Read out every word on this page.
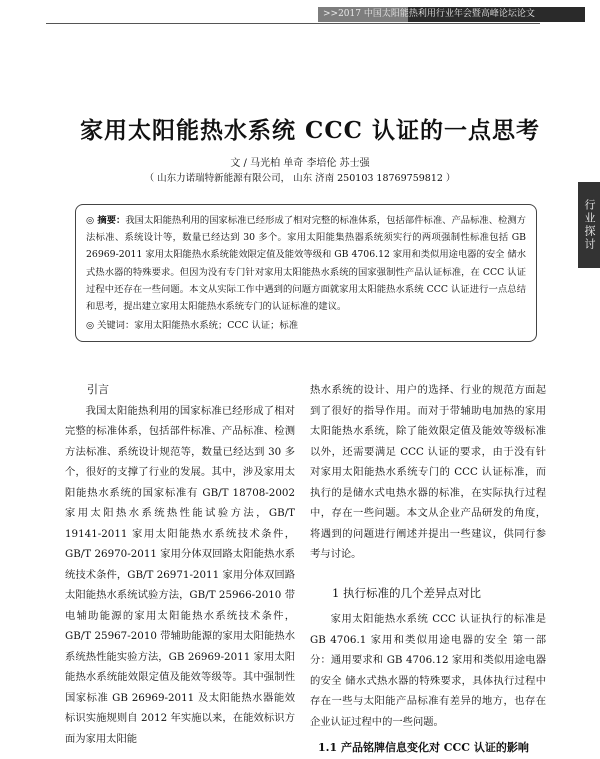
>>2017 中国太阳能热利用行业年会暨高峰论坛论文
行业探讨
家用太阳能热水系统 CCC 认证的一点思考
文 / 马光柏 单奇 李培伦 苏士强
（ 山东力诺瑞特新能源有限公司， 山东 济南 250103 18769759812 ）
◎ 摘要：我国太阳能热利用的国家标准已经形成了相对完整的标准体系，包括部件标准、产品标准、检测方法标准、系统设计等，数量已经达到 30 多个。家用太阳能集热器系统须实行的两项强制性标准包括 GB 26969-2011 家用太阳能热水系统能效限定值及能效等级和 GB 4706.12 家用和类似用途电器的安全 储水式热水器的特殊要求。但因为没有专门针对家用太阳能热水系统的国家强制性产品认证标准，在 CCC 认证过程中还存在一些问题。本文从实际工作中遇到的问题方面就家用太阳能热水系统 CCC 认证进行一点总结和思考，提出建立家用太阳能热水系统专门的认证标准的建议。
◎ 关键词：家用太阳能热水系统；CCC 认证；标准

引言

我国太阳能热利用的国家标准已经形成了相对完整的标准体系，包括部件标准、产品标准、检测方法标准、系统设计规范等，数量已经达到 30 多个，很好的支撑了行业的发展。其中，涉及家用太阳能热水系统的国家标准有 GB/T 18708-2002 家用太阳热水系统热性能试验方法，GB/T 19141-2011 家用太阳能热水系统技术条件，GB/T 26970-2011 家用分体双回路太阳能热水系统技术条件，GB/T 26971-2011 家用分体双回路太阳能热水系统试验方法，GB/T 25966-2010 带电辅助能源的家用太阳能热水系统技术条件，GB/T 25967-2010 带辅助能源的家用太阳能热水系统热性能实验方法，GB 26969-2011 家用太阳能热水系统能效限定值及能效等级等。其中强制性国家标准 GB 26969-2011 及太阳能热水器能效标识实施规则自 2012 年实施以来，在能效标识方面为家用太阳能

热水系统的设计、用户的选择、行业的规范方面起到了很好的指导作用。而对于带辅助电加热的家用太阳能热水系统，除了能效限定值及能效等级标准以外，还需要满足 CCC 认证的要求，由于没有针对家用太阳能热水系统专门的 CCC 认证标准，而执行的是储水式电热水器的标准，在实际执行过程中，存在一些问题。本文从企业产品研发的角度，将遇到的问题进行阐述并提出一些建议，供同行参考与讨论。

1 执行标准的几个差异点对比

家用太阳能热水系统 CCC 认证执行的标准是 GB 4706.1 家用和类似用途电器的安全 第一部分：通用要求和 GB 4706.12 家用和类似用途电器的安全 储水式热水器的特殊要求，具体执行过程中存在一些与太阳能产品标准有差异的地方，也存在企业认证过程中的一些问题。

1.1 产品铭牌信息变化对 CCC 认证的影响
